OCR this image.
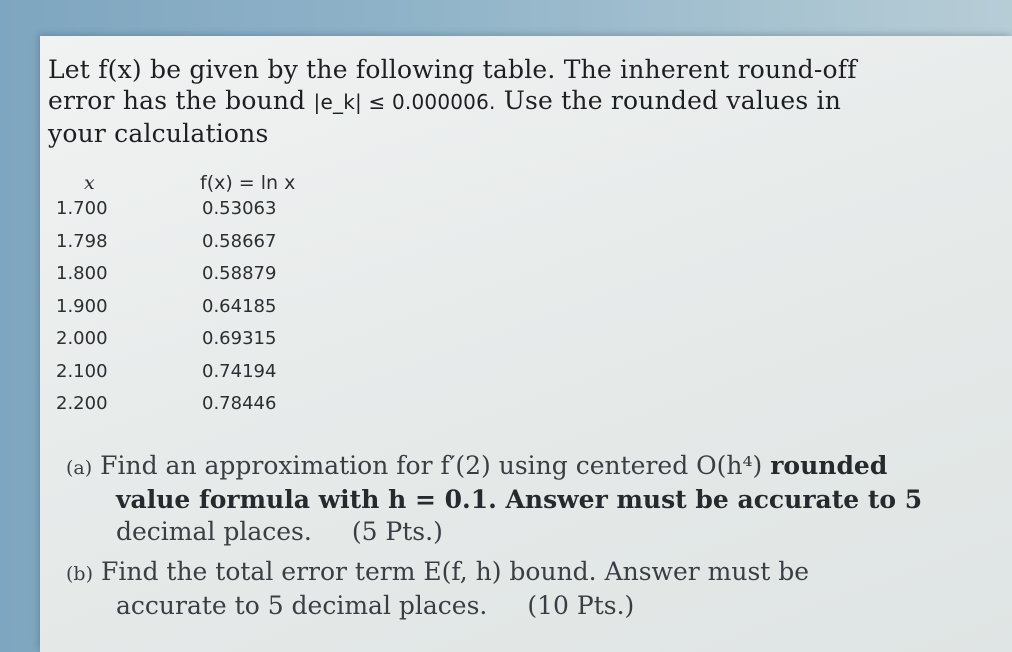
Let f(x) be given by the following table. The inherent round-off
error has the bound |e_k| ≤ 0.000006. Use the rounded values in
your calculations
x	f(x) = ln x
1.700	0.53063
1.798	0.58667
1.800	0.58879
1.900	0.64185
2.000	0.69315
2.100	0.74194
2.200	0.78446
(a) Find an approximation for f′(2) using centered O(h⁴) rounded
value formula with h = 0.1. Answer must be accurate to 5
decimal places. (5 Pts.)
(b) Find the total error term E(f, h) bound. Answer must be
accurate to 5 decimal places. (10 Pts.)
